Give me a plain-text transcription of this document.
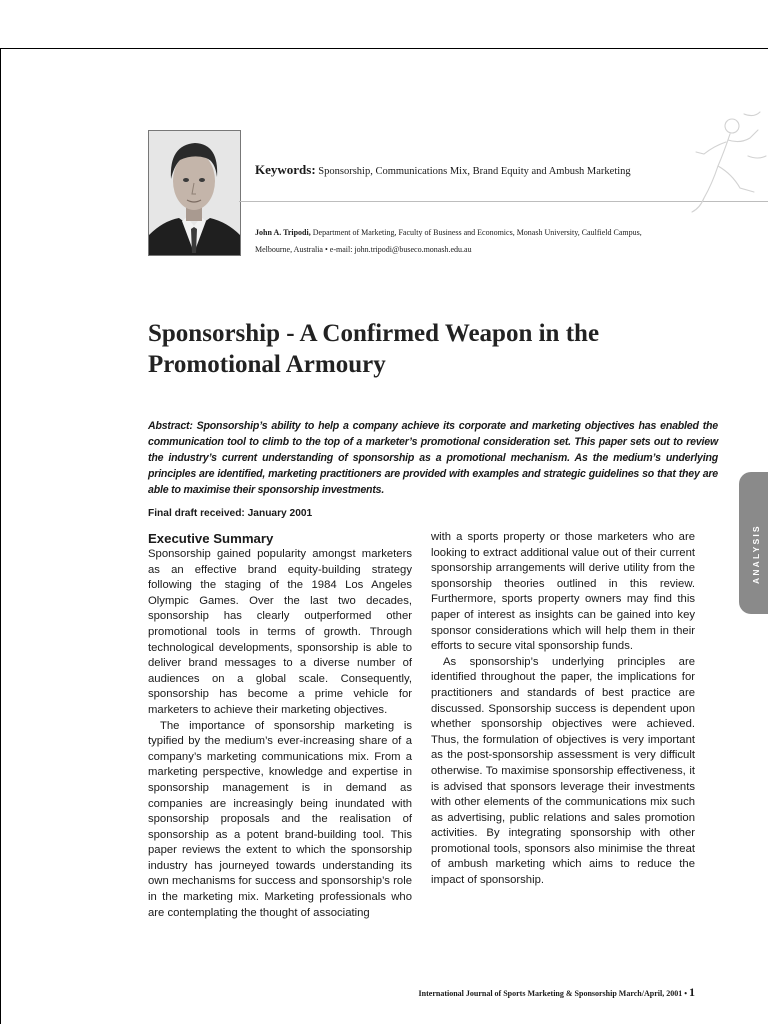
Keywords: Sponsorship, Communications Mix, Brand Equity and Ambush Marketing
John A. Tripodi, Department of Marketing, Faculty of Business and Economics, Monash University, Caulfield Campus,
Melbourne, Australia • e-mail: john.tripodi@buseco.monash.edu.au
Sponsorship - A Confirmed Weapon in the
Promotional Armoury

Abstract: Sponsorship’s ability to help a company achieve its corporate and marketing objectives has enabled the communication tool to climb to the top of a marketer’s promotional consideration set. This paper sets out to review the industry’s current understanding of sponsorship as a promotional mechanism. As the medium’s underlying principles are identified, marketing practitioners are provided with examples and strategic guidelines so that they are able to maximise their sponsorship investments.

Final draft received: January 2001
Executive Summary

Sponsorship gained popularity amongst marketers as an effective brand equity-building strategy following the staging of the 1984 Los Angeles Olympic Games. Over the last two decades, sponsorship has clearly outperformed other promotional tools in terms of growth. Through technological developments, sponsorship is able to deliver brand messages to a diverse number of audiences on a global scale. Consequently, sponsorship has become a prime vehicle for marketers to achieve their marketing objectives.

The importance of sponsorship marketing is typified by the medium’s ever-increasing share of a company’s marketing communications mix. From a marketing perspective, knowledge and expertise in sponsorship management is in demand as companies are increasingly being inundated with sponsorship proposals and the realisation of sponsorship as a potent brand-building tool. This paper reviews the extent to which the sponsorship industry has journeyed towards understanding its own mechanisms for success and sponsorship’s role in the marketing mix. Marketing professionals who are contemplating the thought of associating

with a sports property or those marketers who are looking to extract additional value out of their current sponsorship arrangements will derive utility from the sponsorship theories outlined in this review. Furthermore, sports property owners may find this paper of interest as insights can be gained into key sponsor considerations which will help them in their efforts to secure vital sponsorship funds.

As sponsorship’s underlying principles are identified throughout the paper, the implications for practitioners and standards of best practice are discussed. Sponsorship success is dependent upon whether sponsorship objectives were achieved. Thus, the formulation of objectives is very important as the post-sponsorship assessment is very difficult otherwise. To maximise sponsorship effectiveness, it is advised that sponsors leverage their investments with other elements of the communications mix such as advertising, public relations and sales promotion activities. By integrating sponsorship with other promotional tools, sponsors also minimise the threat of ambush marketing which aims to reduce the impact of sponsorship.

ANALYSIS
International Journal of Sports Marketing & Sponsorship March/April, 2001 • 1
